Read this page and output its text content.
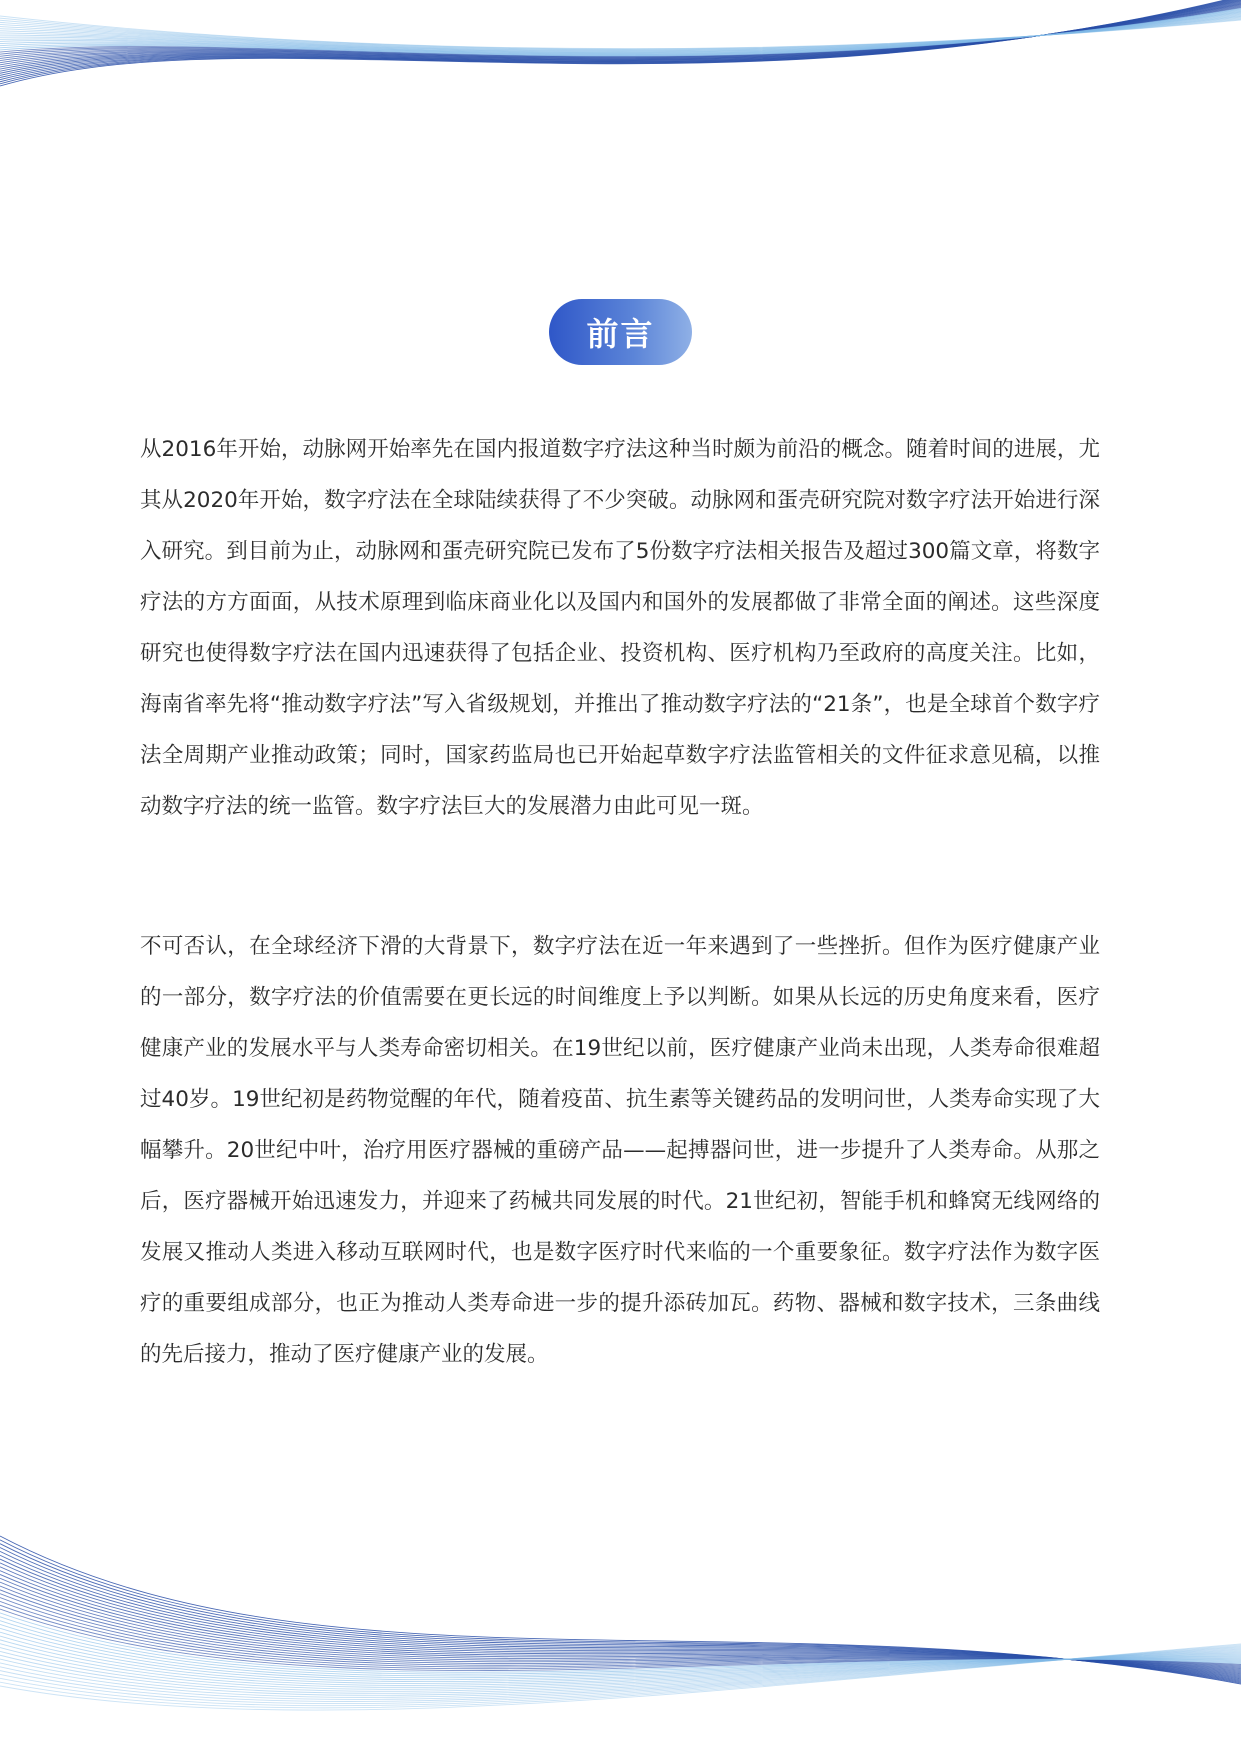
前言

从2016年开始，动脉网开始率先在国内报道数字疗法这种当时颇为前沿的概念。随着时间的进展，尤其从2020年开始，数字疗法在全球陆续获得了不少突破。动脉网和蛋壳研究院对数字疗法开始进行深入研究。到目前为止，动脉网和蛋壳研究院已发布了5份数字疗法相关报告及超过300篇文章，将数字疗法的方方面面，从技术原理到临床商业化以及国内和国外的发展都做了非常全面的阐述。这些深度研究也使得数字疗法在国内迅速获得了包括企业、投资机构、医疗机构乃至政府的高度关注。比如，海南省率先将“推动数字疗法”写入省级规划，并推出了推动数字疗法的“21条”，也是全球首个数字疗法全周期产业推动政策；同时，国家药监局也已开始起草数字疗法监管相关的文件征求意见稿，以推动数字疗法的统一监管。数字疗法巨大的发展潜力由此可见一斑。

不可否认，在全球经济下滑的大背景下，数字疗法在近一年来遇到了一些挫折。但作为医疗健康产业的一部分，数字疗法的价值需要在更长远的时间维度上予以判断。如果从长远的历史角度来看，医疗健康产业的发展水平与人类寿命密切相关。在19世纪以前，医疗健康产业尚未出现，人类寿命很难超过40岁。19世纪初是药物觉醒的年代，随着疫苗、抗生素等关键药品的发明问世，人类寿命实现了大幅攀升。20世纪中叶，治疗用医疗器械的重磅产品——起搏器问世，进一步提升了人类寿命。从那之后，医疗器械开始迅速发力，并迎来了药械共同发展的时代。21世纪初，智能手机和蜂窝无线网络的发展又推动人类进入移动互联网时代，也是数字医疗时代来临的一个重要象征。数字疗法作为数字医疗的重要组成部分，也正为推动人类寿命进一步的提升添砖加瓦。药物、器械和数字技术，三条曲线的先后接力，推动了医疗健康产业的发展。
